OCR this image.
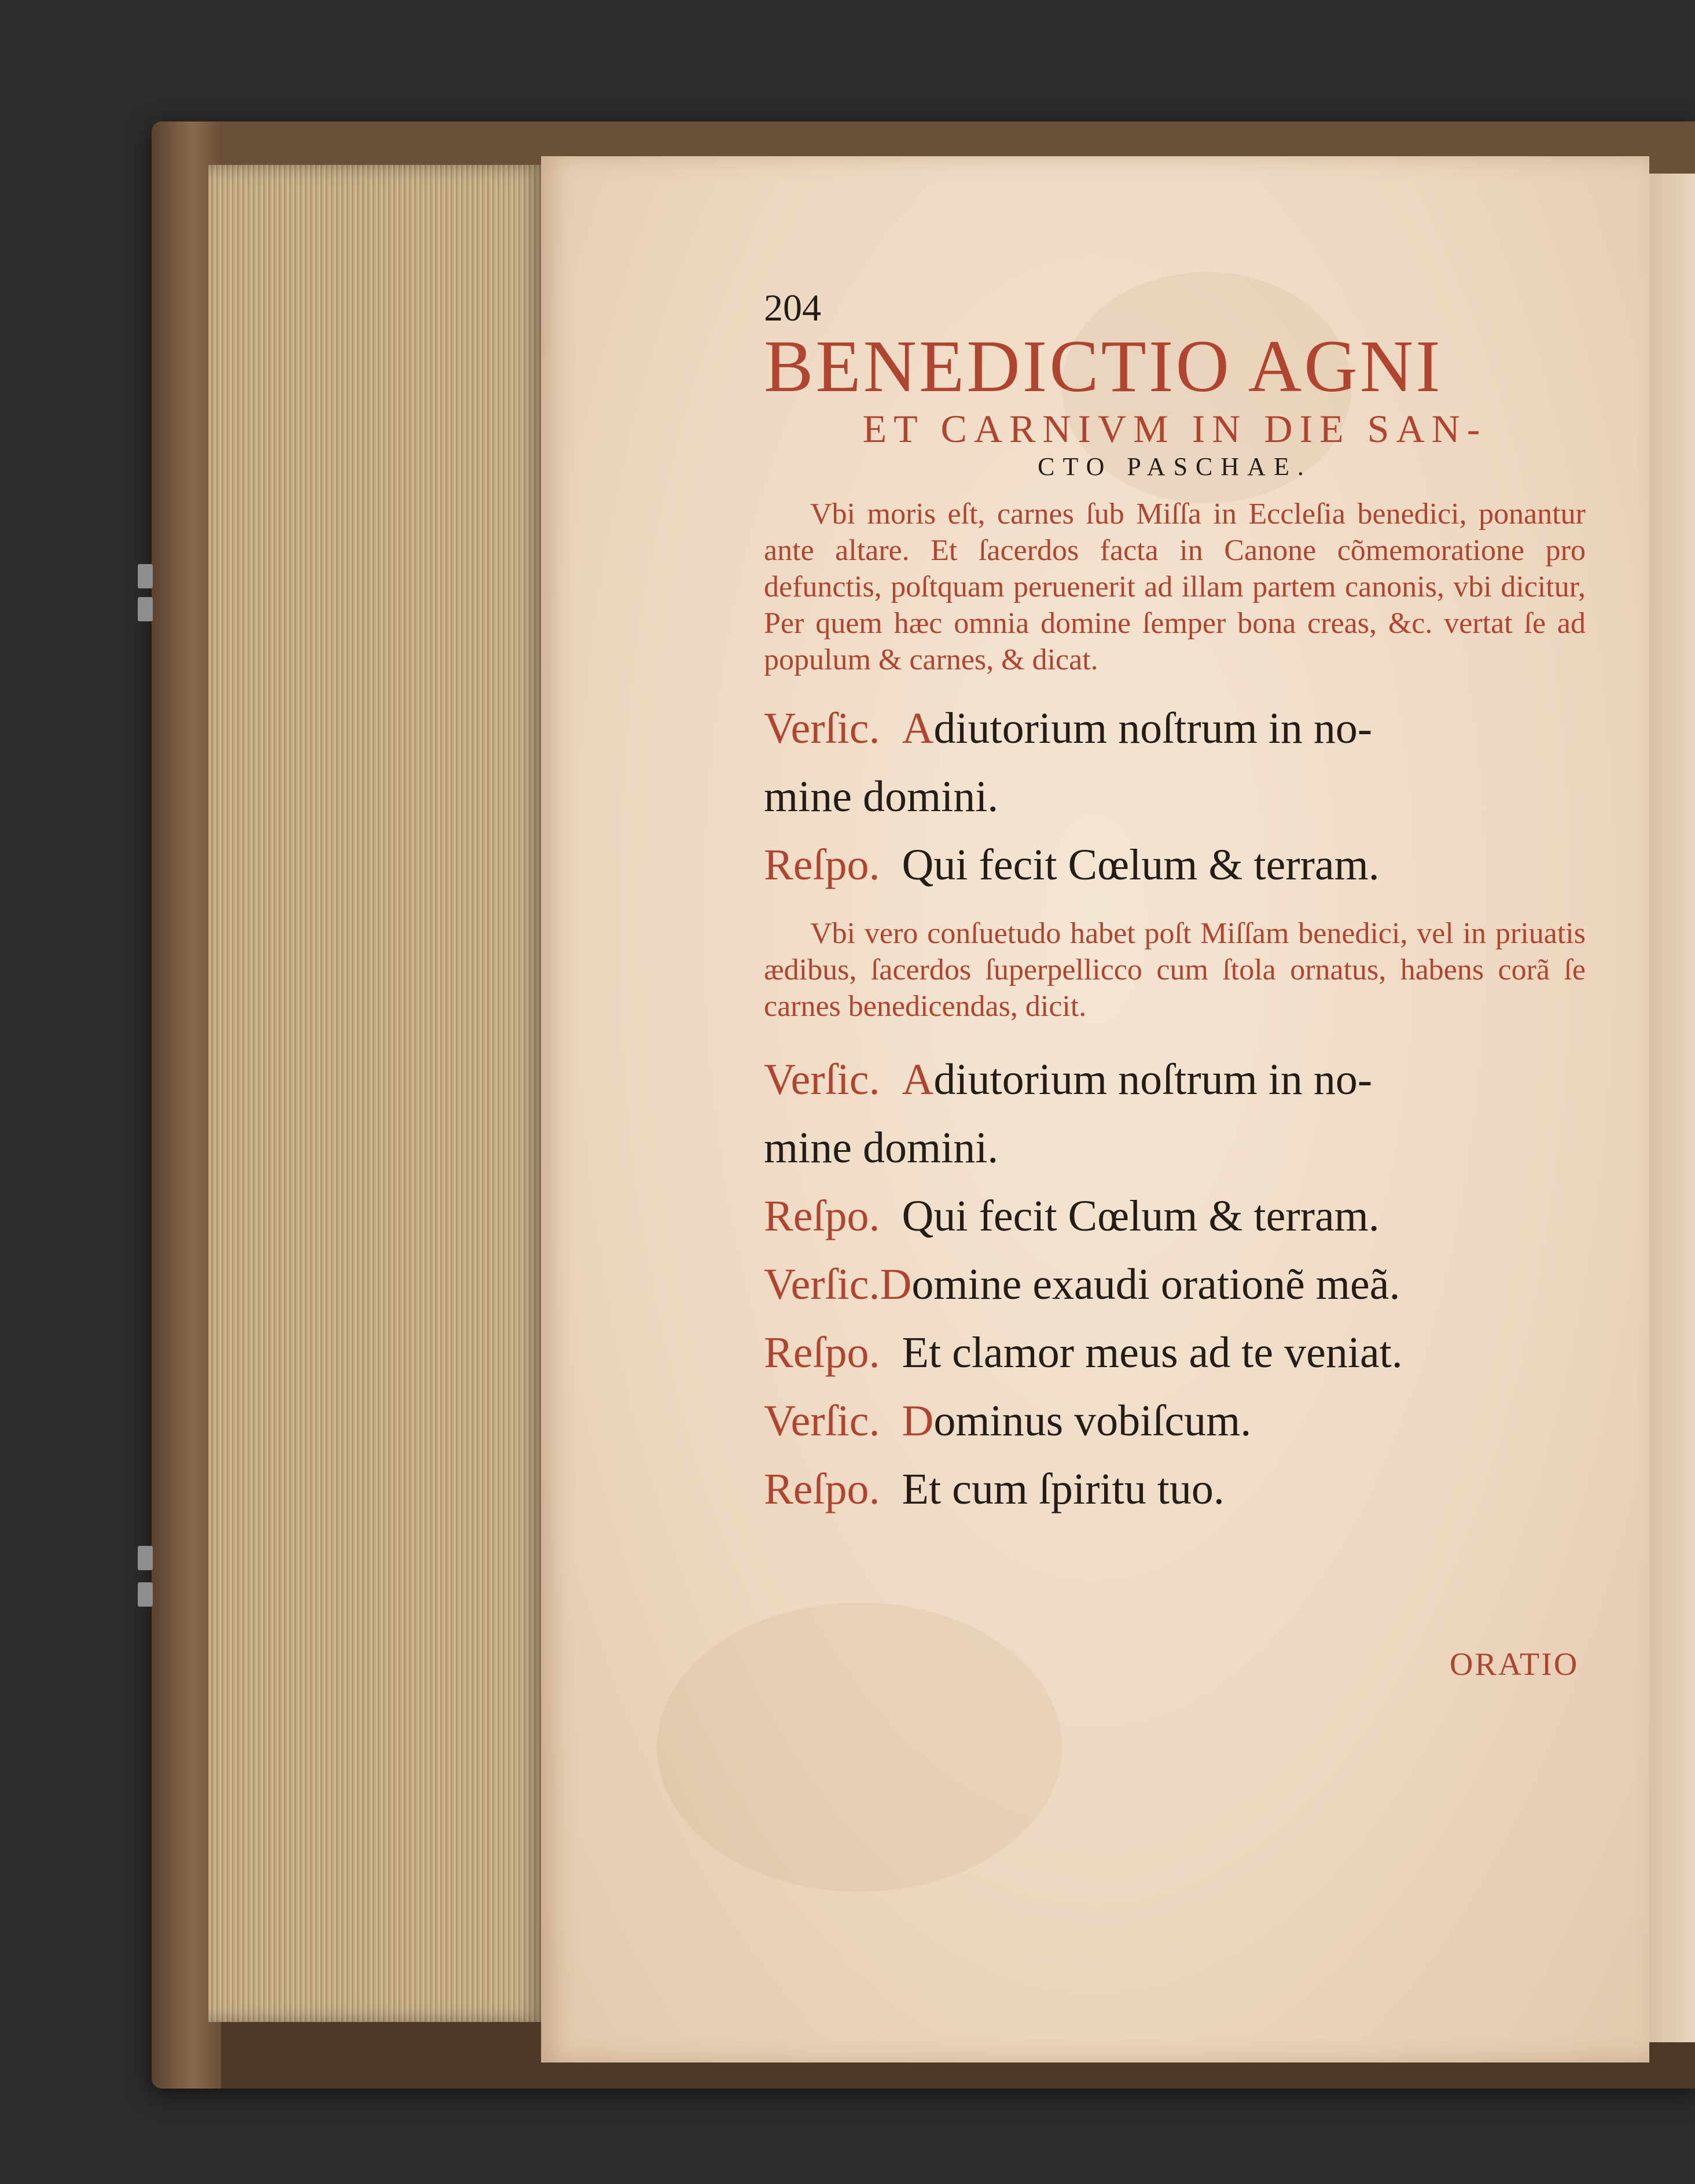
204
BENEDICTIO AGNI
ET CARNIVM IN DIE SAN-
CTO PASCHAE.

Vbi moris eſt, carnes ſub Miſſa in Eccleſia benedici, ponantur ante altare. Et ſacerdos facta in Canone cõmemoratione pro defunctis, poſtquam peruenerit ad illam partem canonis, vbi dicitur, Per quem hæc omnia domine ſemper bona creas, &c. vertat ſe ad populum & carnes, & dicat.

Verſic. Adiutorium noſtrum in no-
mine domini.
Reſpo. Qui fecit Cœlum & terram.

Vbi vero conſuetudo habet poſt Miſſam benedici, vel in priuatis ædibus, ſacerdos ſuperpellicco cum ſtola ornatus, habens corã ſe carnes benedicendas, dicit.

Verſic. Adiutorium noſtrum in no-
mine domini.
Reſpo. Qui fecit Cœlum & terram.
Verſic.Domine exaudi orationẽ meã.
Reſpo. Et clamor meus ad te veniat.
Verſic. Dominus vobiſcum.
Reſpo. Et cum ſpiritu tuo.
ORATIO
